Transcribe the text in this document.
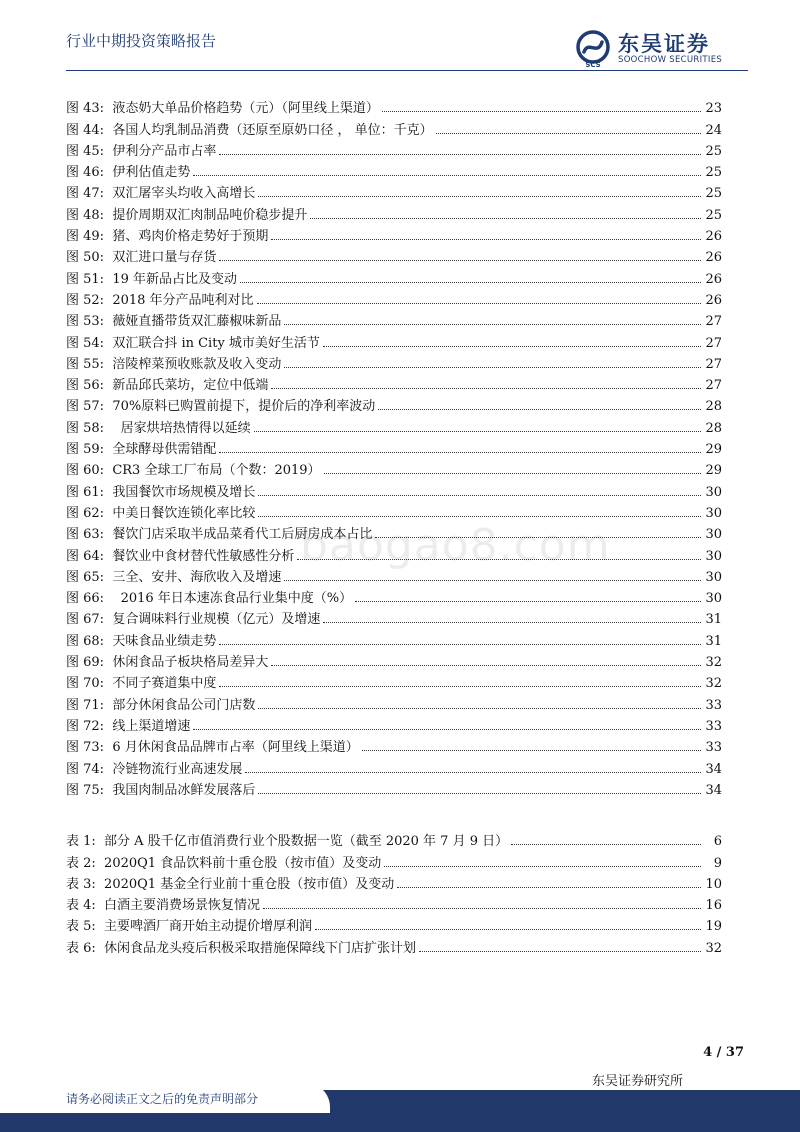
行业中期投资策略报告
SCS
东吴证券
SOOCHOW SECURITIES
baogao8.com
图 43:  液态奶大单品价格趋势（元）（阿里线上渠道）	23
图 44:  各国人均乳制品消费（还原至原奶口径 ， 单位：千克）	24
图 45:  伊利分产品市占率	25
图 46:  伊利估值走势	25
图 47:  双汇屠宰头均收入高增长	25
图 48:  提价周期双汇肉制品吨价稳步提升	25
图 49:  猪、鸡肉价格走势好于预期	26
图 50:  双汇进口量与存货	26
图 51:  19 年新品占比及变动	26
图 52:  2018 年分产品吨利对比	26
图 53:  薇娅直播带货双汇藤椒味新品	27
图 54:  双汇联合抖 in City 城市美好生活节	27
图 55:  涪陵榨菜预收账款及收入变动	27
图 56:  新品邱氏菜坊，定位中低端	27
图 57:  70%原料已购置前提下，提价后的净利率波动	28
图 58:    居家烘培热情得以延续	28
图 59:  全球酵母供需错配	29
图 60:  CR3 全球工厂布局（个数：2019）	29
图 61:  我国餐饮市场规模及增长	30
图 62:  中美日餐饮连锁化率比较	30
图 63:  餐饮门店采取半成品菜肴代工后厨房成本占比	30
图 64:  餐饮业中食材替代性敏感性分析	30
图 65:  三全、安井、海欣收入及增速	30
图 66:    2016 年日本速冻食品行业集中度（%）	30
图 67:  复合调味料行业规模（亿元）及增速	31
图 68:  天味食品业绩走势	31
图 69:  休闲食品子板块格局差异大	32
图 70:  不同子赛道集中度	32
图 71:  部分休闲食品公司门店数	33
图 72:  线上渠道增速	33
图 73:  6 月休闲食品品牌市占率（阿里线上渠道）	33
图 74:  冷链物流行业高速发展	34
图 75:  我国肉制品冰鲜发展落后	34
表 1:  部分 A 股千亿市值消费行业个股数据一览（截至 2020 年 7 月 9 日）	6
表 2:  2020Q1 食品饮料前十重仓股（按市值）及变动	9
表 3:  2020Q1 基金全行业前十重仓股（按市值）及变动	10
表 4:  白酒主要消费场景恢复情况	16
表 5:  主要啤酒厂商开始主动提价增厚利润	19
表 6:  休闲食品龙头疫后积极采取措施保障线下门店扩张计划	32
4 / 37
东吴证券研究所
请务必阅读正文之后的免责声明部分
